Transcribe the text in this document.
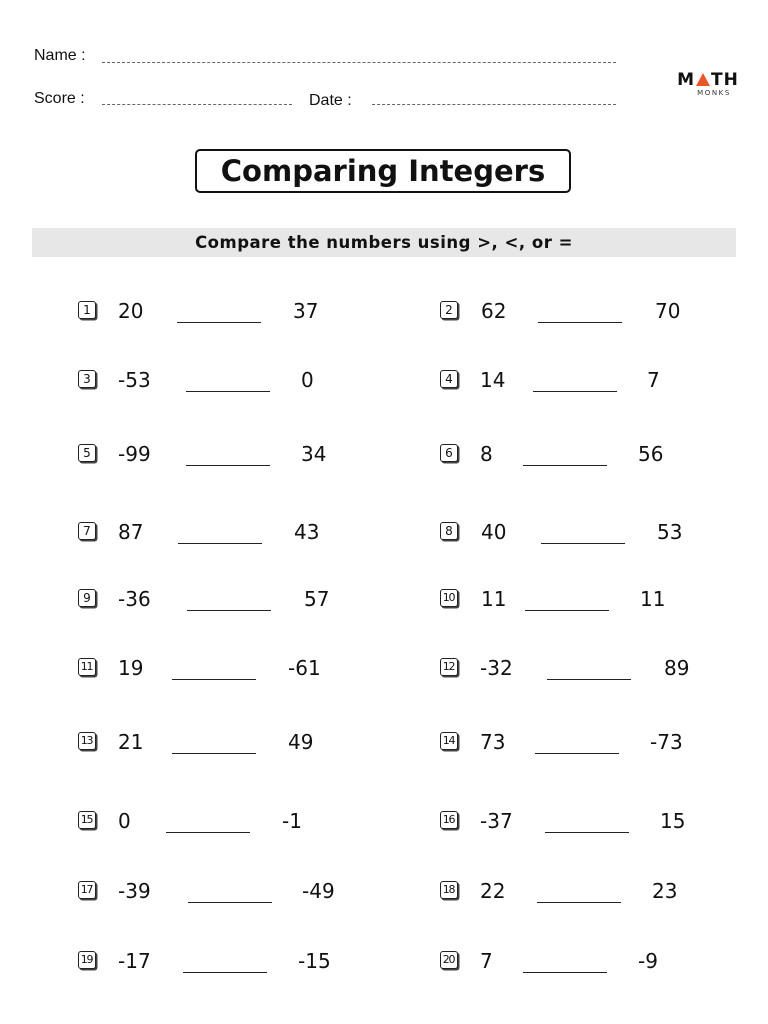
Name :
Score :	Date :
M TH
MONKS
Comparing Integers
Compare the numbers using >, <, or =
1 20	37	2 62	70
3 -53	0	4 14	7
5 -99	34	6 8	56
7 87	43	8 40	53
9 -36	57	10 11	11
11 19	-61	12 -32	89
13 21	49	14 73	-73
15 0	-1	16 -37	15
17 -39	-49	18 22	23
19 -17	-15	20 7	-9
